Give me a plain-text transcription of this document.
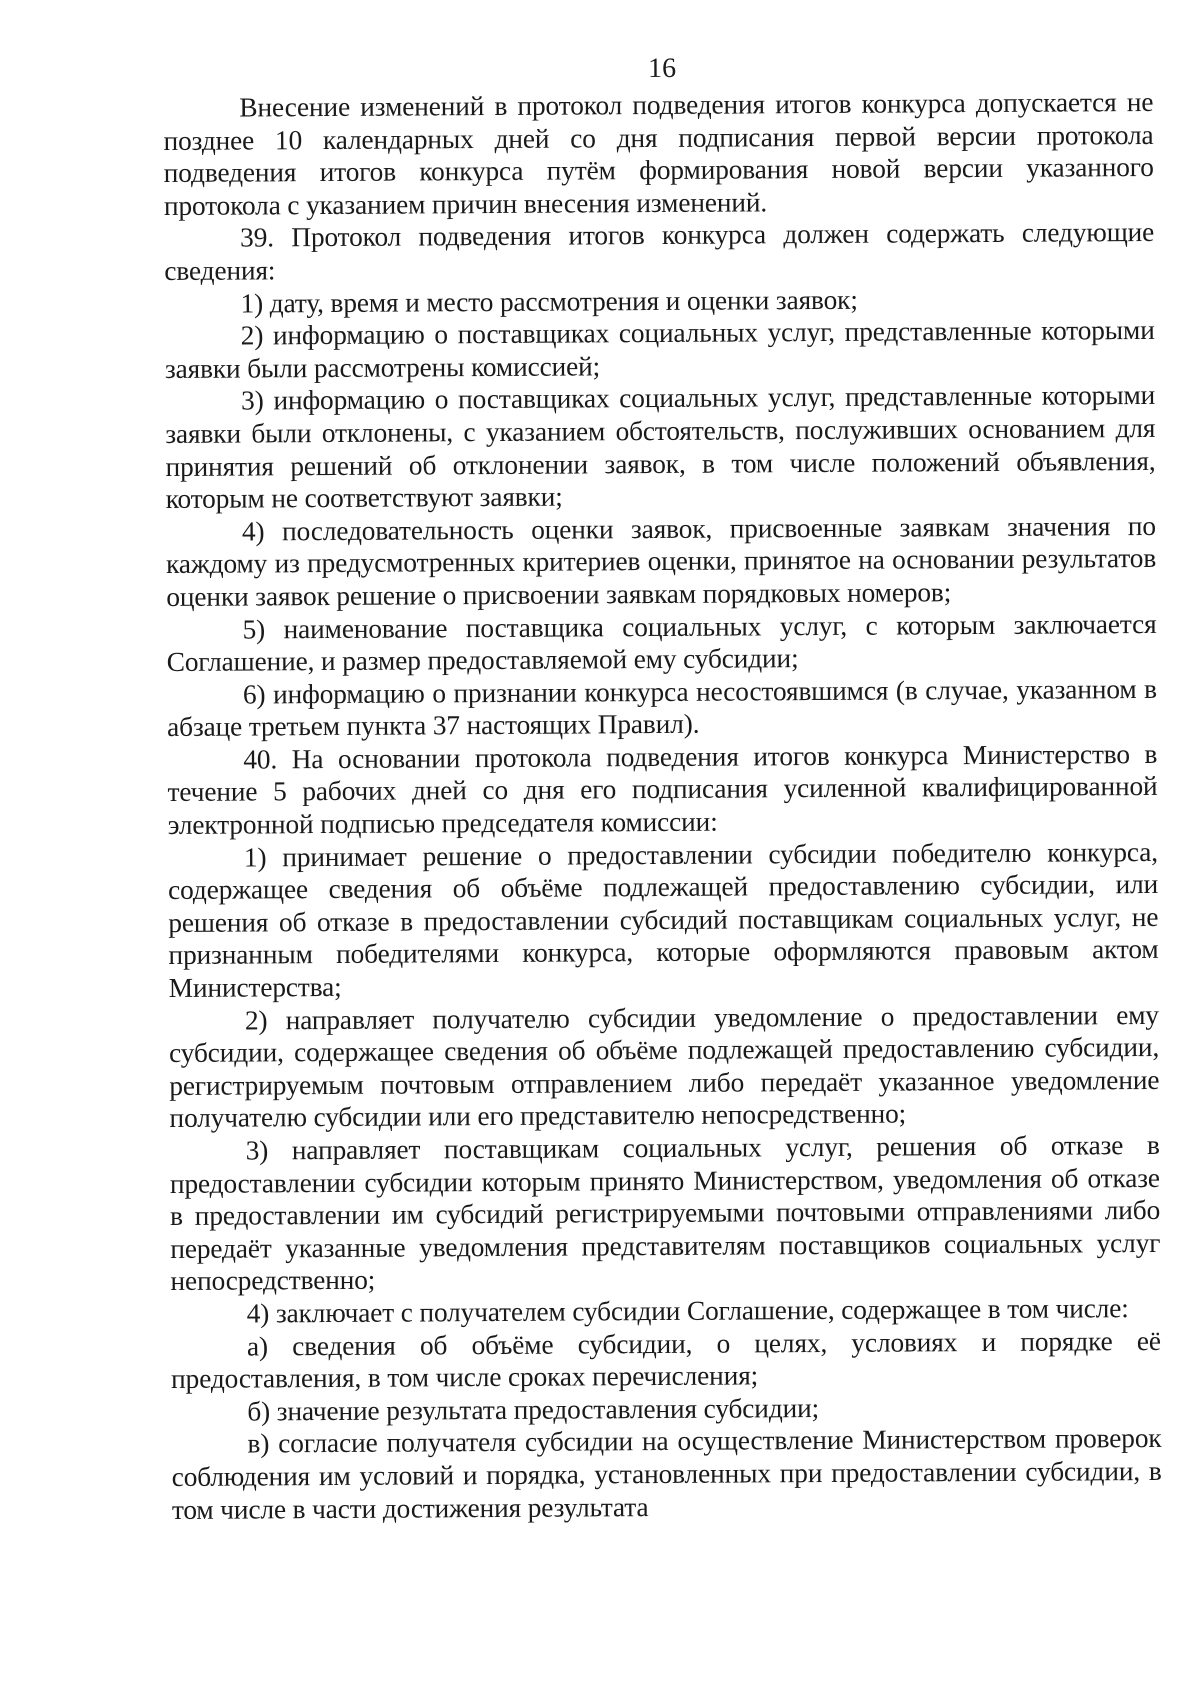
16

Внесение изменений в протокол подведения итогов конкурса допускается не позднее 10 календарных дней со дня подписания первой версии протокола подведения итогов конкурса путём формирования новой версии указанного протокола с указанием причин внесения изменений.

39. Протокол подведения итогов конкурса должен содержать следующие сведения:

1) дату, время и место рассмотрения и оценки заявок;

2) информацию о поставщиках социальных услуг, представленные которыми заявки были рассмотрены комиссией;

3) информацию о поставщиках социальных услуг, представленные которыми заявки были отклонены, с указанием обстоятельств, послуживших основанием для принятия решений об отклонении заявок, в том числе положений объявления, которым не соответствуют заявки;

4) последовательность оценки заявок, присвоенные заявкам значения по каждому из предусмотренных критериев оценки, принятое на основании результатов оценки заявок решение о присвоении заявкам порядковых номеров;

5) наименование поставщика социальных услуг, с которым заключается Соглашение, и размер предоставляемой ему субсидии;

6) информацию о признании конкурса несостоявшимся (в случае, указанном в абзаце третьем пункта 37 настоящих Правил).

40. На основании протокола подведения итогов конкурса Министерство в течение 5 рабочих дней со дня его подписания усиленной квалифицированной электронной подписью председателя комиссии:

1) принимает решение о предоставлении субсидии победителю конкурса, содержащее сведения об объёме подлежащей предоставлению субсидии, или решения об отказе в предоставлении субсидий поставщикам социальных услуг, не признанным победителями конкурса, которые оформляются правовым актом Министерства;

2) направляет получателю субсидии уведомление о предоставлении ему субсидии, содержащее сведения об объёме подлежащей предоставлению субсидии, регистрируемым почтовым отправлением либо передаёт указанное уведомление получателю субсидии или его представителю непосредственно;

3) направляет поставщикам социальных услуг, решения об отказе в предоставлении субсидии которым принято Министерством, уведомления об отказе в предоставлении им субсидий регистрируемыми почтовыми отправлениями либо передаёт указанные уведомления представителям поставщиков социальных услуг непосредственно;

4) заключает с получателем субсидии Соглашение, содержащее в том числе:

а) сведения об объёме субсидии, о целях, условиях и порядке её предоставления, в том числе сроках перечисления;

б) значение результата предоставления субсидии;

в) согласие получателя субсидии на осуществление Министерством проверок соблюдения им условий и порядка, установленных при предоставлении субсидии, в том числе в части достижения результата
